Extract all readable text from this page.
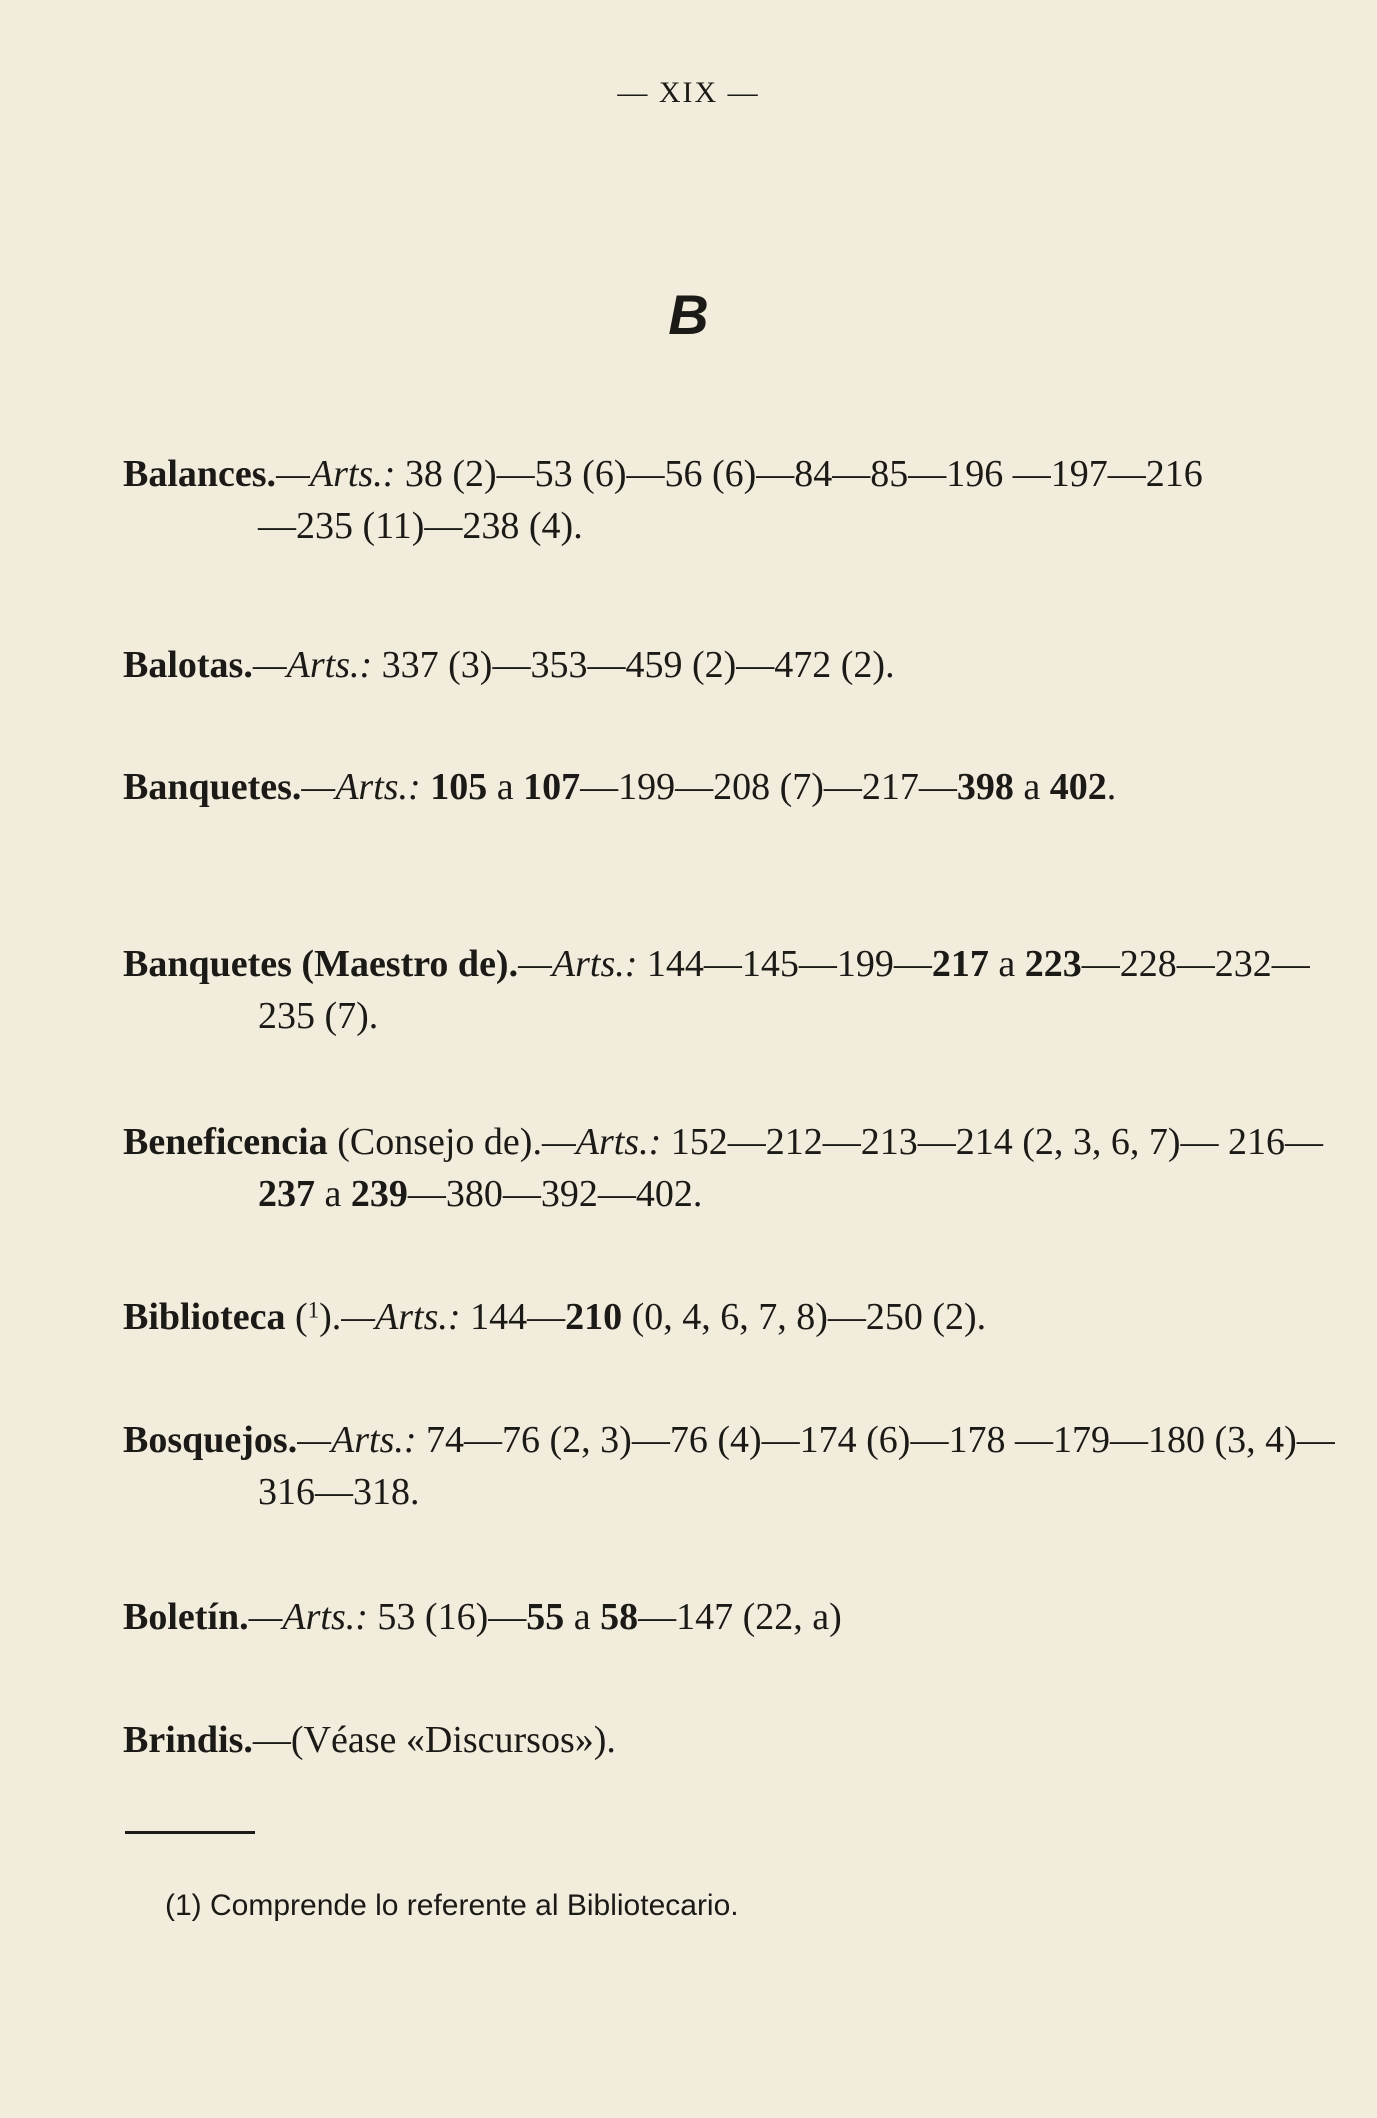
— XIX —
B
Balances.—Arts.: 38 (2)—53 (6)—56 (6)—84—85—196 —197—216—235 (11)—238 (4).
Balotas.—Arts.: 337 (3)—353—459 (2)—472 (2).
Banquetes.—Arts.: 105 a 107—199—208 (7)—217—398 a 402.
Banquetes (Maestro de).—Arts.: 144—145—199—217 a 223—228—232—235 (7).
Beneficencia (Consejo de).—Arts.: 152—212—213—214 (2, 3, 6, 7)— 216—237 a 239—380—392—402.
Biblioteca ($^1$).—Arts.: 144—210 (0, 4, 6, 7, 8)—250 (2).
Bosquejos.—Arts.: 74—76 (2, 3)—76 (4)—174 (6)—178 —179—180 (3, 4)—316—318.
Boletín.—Arts.: 53 (16)—55 a 58—147 (22, a)
Brindis.—(Véase «Discursos»).
(1) Comprende lo referente al Bibliotecario.
